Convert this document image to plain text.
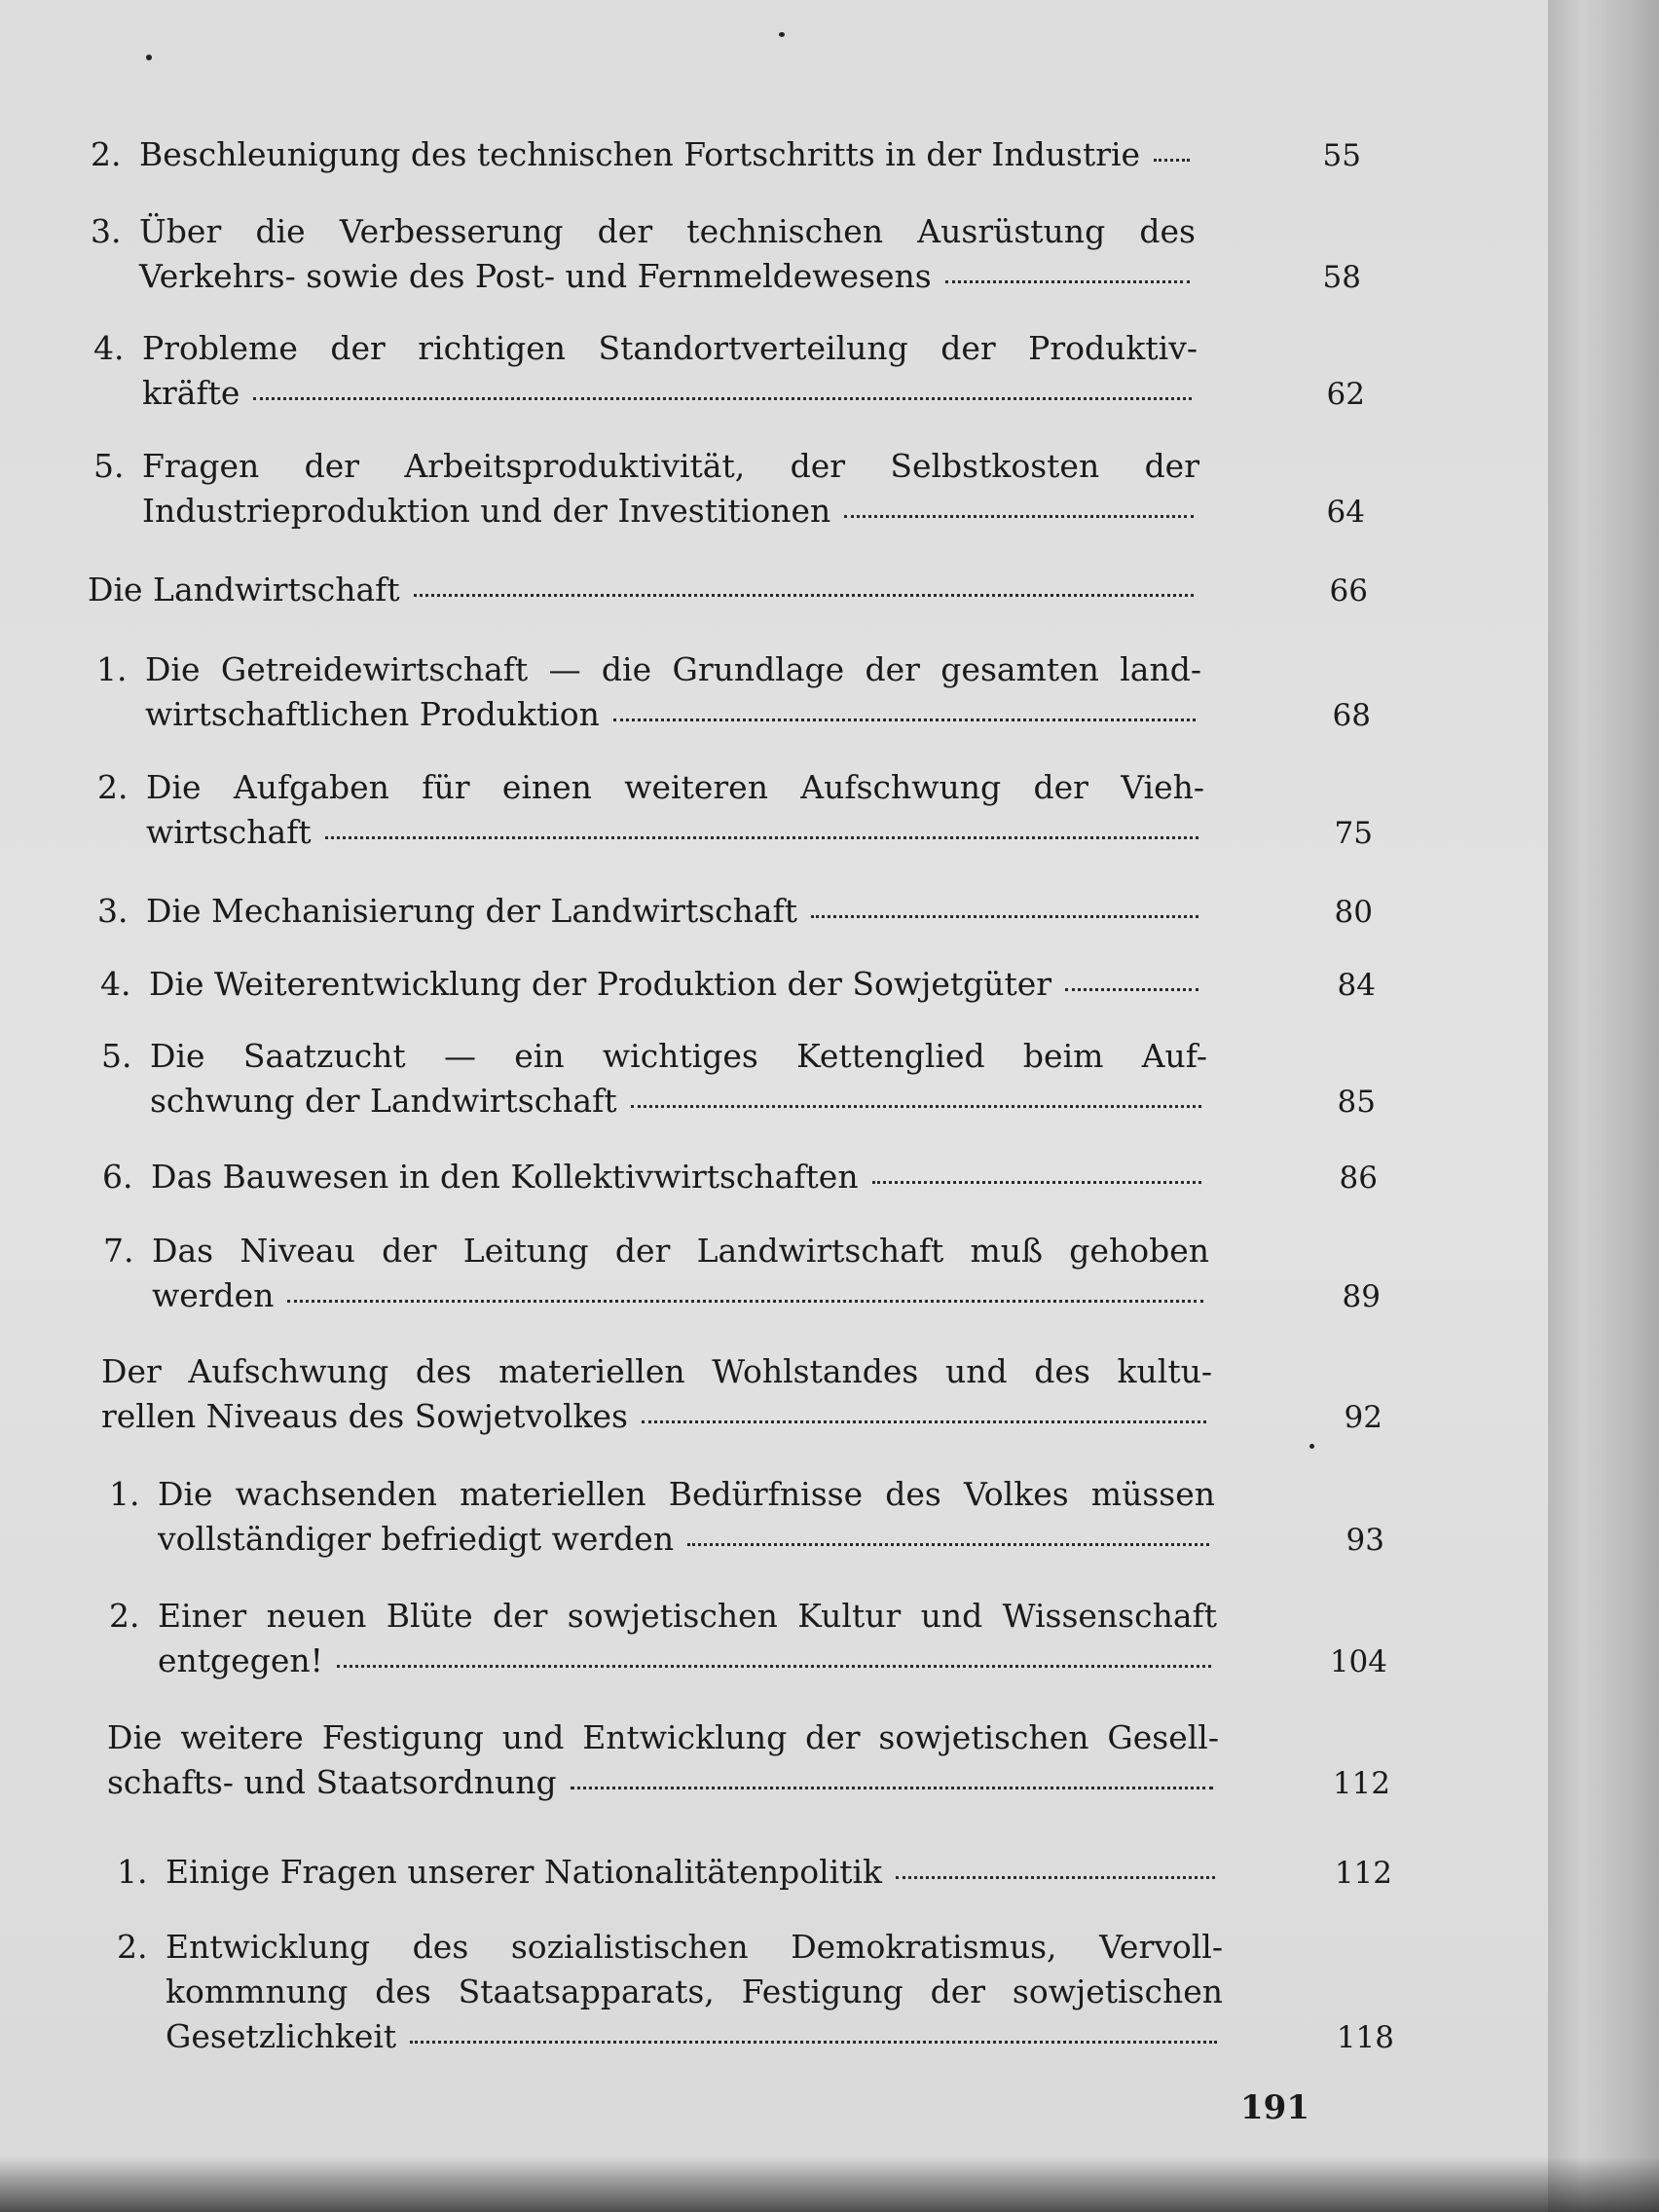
2. Beschleunigung des technischen Fortschritts in der Industrie	55
3. Über die Verbesserung der technischen Ausrüstung des
Verkehrs- sowie des Post- und Fernmeldewesens	58
4. Probleme der richtigen Standortverteilung der Produktiv-
kräfte	62
5. Fragen der Arbeitsproduktivität, der Selbstkosten der
Industrieproduktion und der Investitionen	64
Die Landwirtschaft	66
1. Die Getreidewirtschaft — die Grundlage der gesamten land-
wirtschaftlichen Produktion	68
2. Die Aufgaben für einen weiteren Aufschwung der Vieh-
wirtschaft	75
3. Die Mechanisierung der Landwirtschaft	80
4. Die Weiterentwicklung der Produktion der Sowjetgüter	84
5. Die Saatzucht — ein wichtiges Kettenglied beim Auf-
schwung der Landwirtschaft	85
6. Das Bauwesen in den Kollektivwirtschaften	86
7. Das Niveau der Leitung der Landwirtschaft muß gehoben
werden	89
Der Aufschwung des materiellen Wohlstandes und des kultu-
rellen Niveaus des Sowjetvolkes	92
1. Die wachsenden materiellen Bedürfnisse des Volkes müssen
vollständiger befriedigt werden	93
2. Einer neuen Blüte der sowjetischen Kultur und Wissenschaft
entgegen!	104
Die weitere Festigung und Entwicklung der sowjetischen Gesell-
schafts- und Staatsordnung	112
1. Einige Fragen unserer Nationalitätenpolitik	112
2. Entwicklung des sozialistischen Demokratismus, Vervoll-
kommnung des Staatsapparats, Festigung der sowjetischen
Gesetzlichkeit	118
191
